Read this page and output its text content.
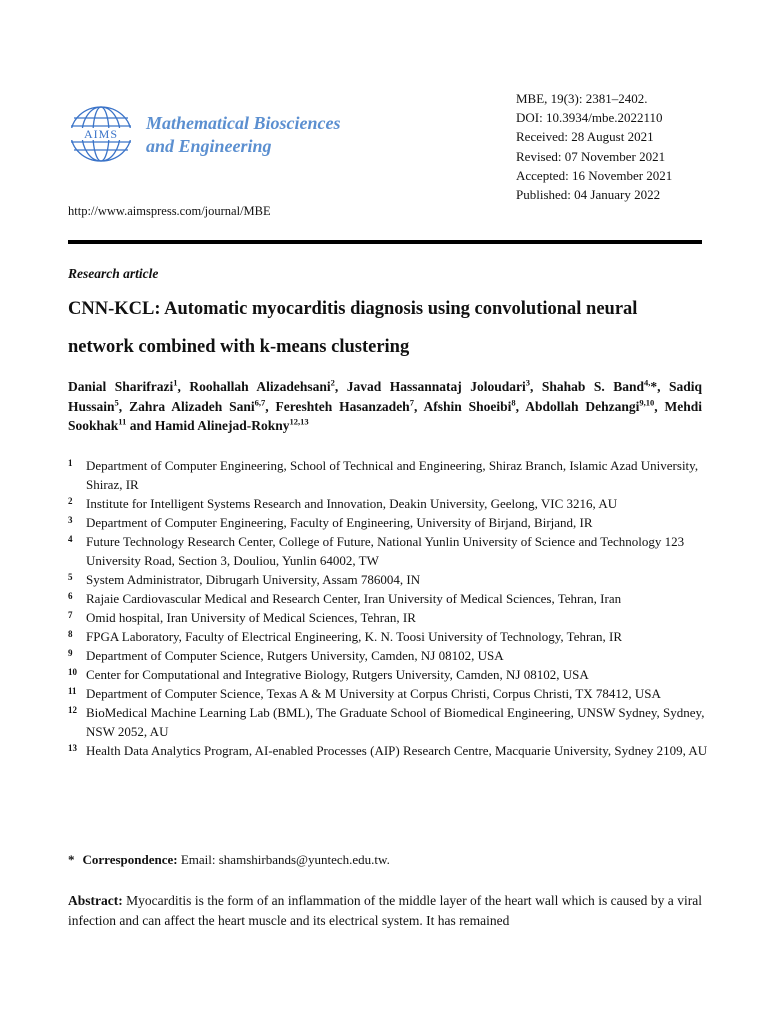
AIMS
Mathematical Biosciences
and Engineering
MBE, 19(3): 2381–2402.
DOI: 10.3934/mbe.2022110
Received: 28 August 2021
Revised: 07 November 2021
Accepted: 16 November 2021
Published: 04 January 2022
http://www.aimspress.com/journal/MBE
Research article
CNN-KCL: Automatic myocarditis diagnosis using convolutional neural
network combined with k-means clustering
Danial Sharifrazi$^1$, Roohallah Alizadehsani$^2$, Javad Hassannataj Joloudari$^3$, Shahab S. Band$^{4,}$*, Sadiq Hussain$^5$, Zahra Alizadeh Sani$^{6,7}$, Fereshteh Hasanzadeh$^7$, Afshin Shoeibi$^8$, Abdollah Dehzangi$^{9,10}$, Mehdi Sookhak$^{11}$ and Hamid Alinejad-Rokny$^{12,13}$
1 Department of Computer Engineering, School of Technical and Engineering, Shiraz Branch, Islamic Azad University, Shiraz, IR
2 Institute for Intelligent Systems Research and Innovation, Deakin University, Geelong, VIC 3216, AU
3 Department of Computer Engineering, Faculty of Engineering, University of Birjand, Birjand, IR
4 Future Technology Research Center, College of Future, National Yunlin University of Science and Technology 123 University Road, Section 3, Douliou, Yunlin 64002, TW
5 System Administrator, Dibrugarh University, Assam 786004, IN
6 Rajaie Cardiovascular Medical and Research Center, Iran University of Medical Sciences, Tehran, Iran
7 Omid hospital, Iran University of Medical Sciences, Tehran, IR
8 FPGA Laboratory, Faculty of Electrical Engineering, K. N. Toosi University of Technology, Tehran, IR
9 Department of Computer Science, Rutgers University, Camden, NJ 08102, USA
10 Center for Computational and Integrative Biology, Rutgers University, Camden, NJ 08102, USA
11 Department of Computer Science, Texas A & M University at Corpus Christi, Corpus Christi, TX 78412, USA
12 BioMedical Machine Learning Lab (BML), The Graduate School of Biomedical Engineering, UNSW Sydney, Sydney, NSW 2052, AU
13 Health Data Analytics Program, AI-enabled Processes (AIP) Research Centre, Macquarie University, Sydney 2109, AU
* Correspondence: Email: shamshirbands@yuntech.edu.tw.
Abstract: Myocarditis is the form of an inflammation of the middle layer of the heart wall which is caused by a viral infection and can affect the heart muscle and its electrical system. It has remained
